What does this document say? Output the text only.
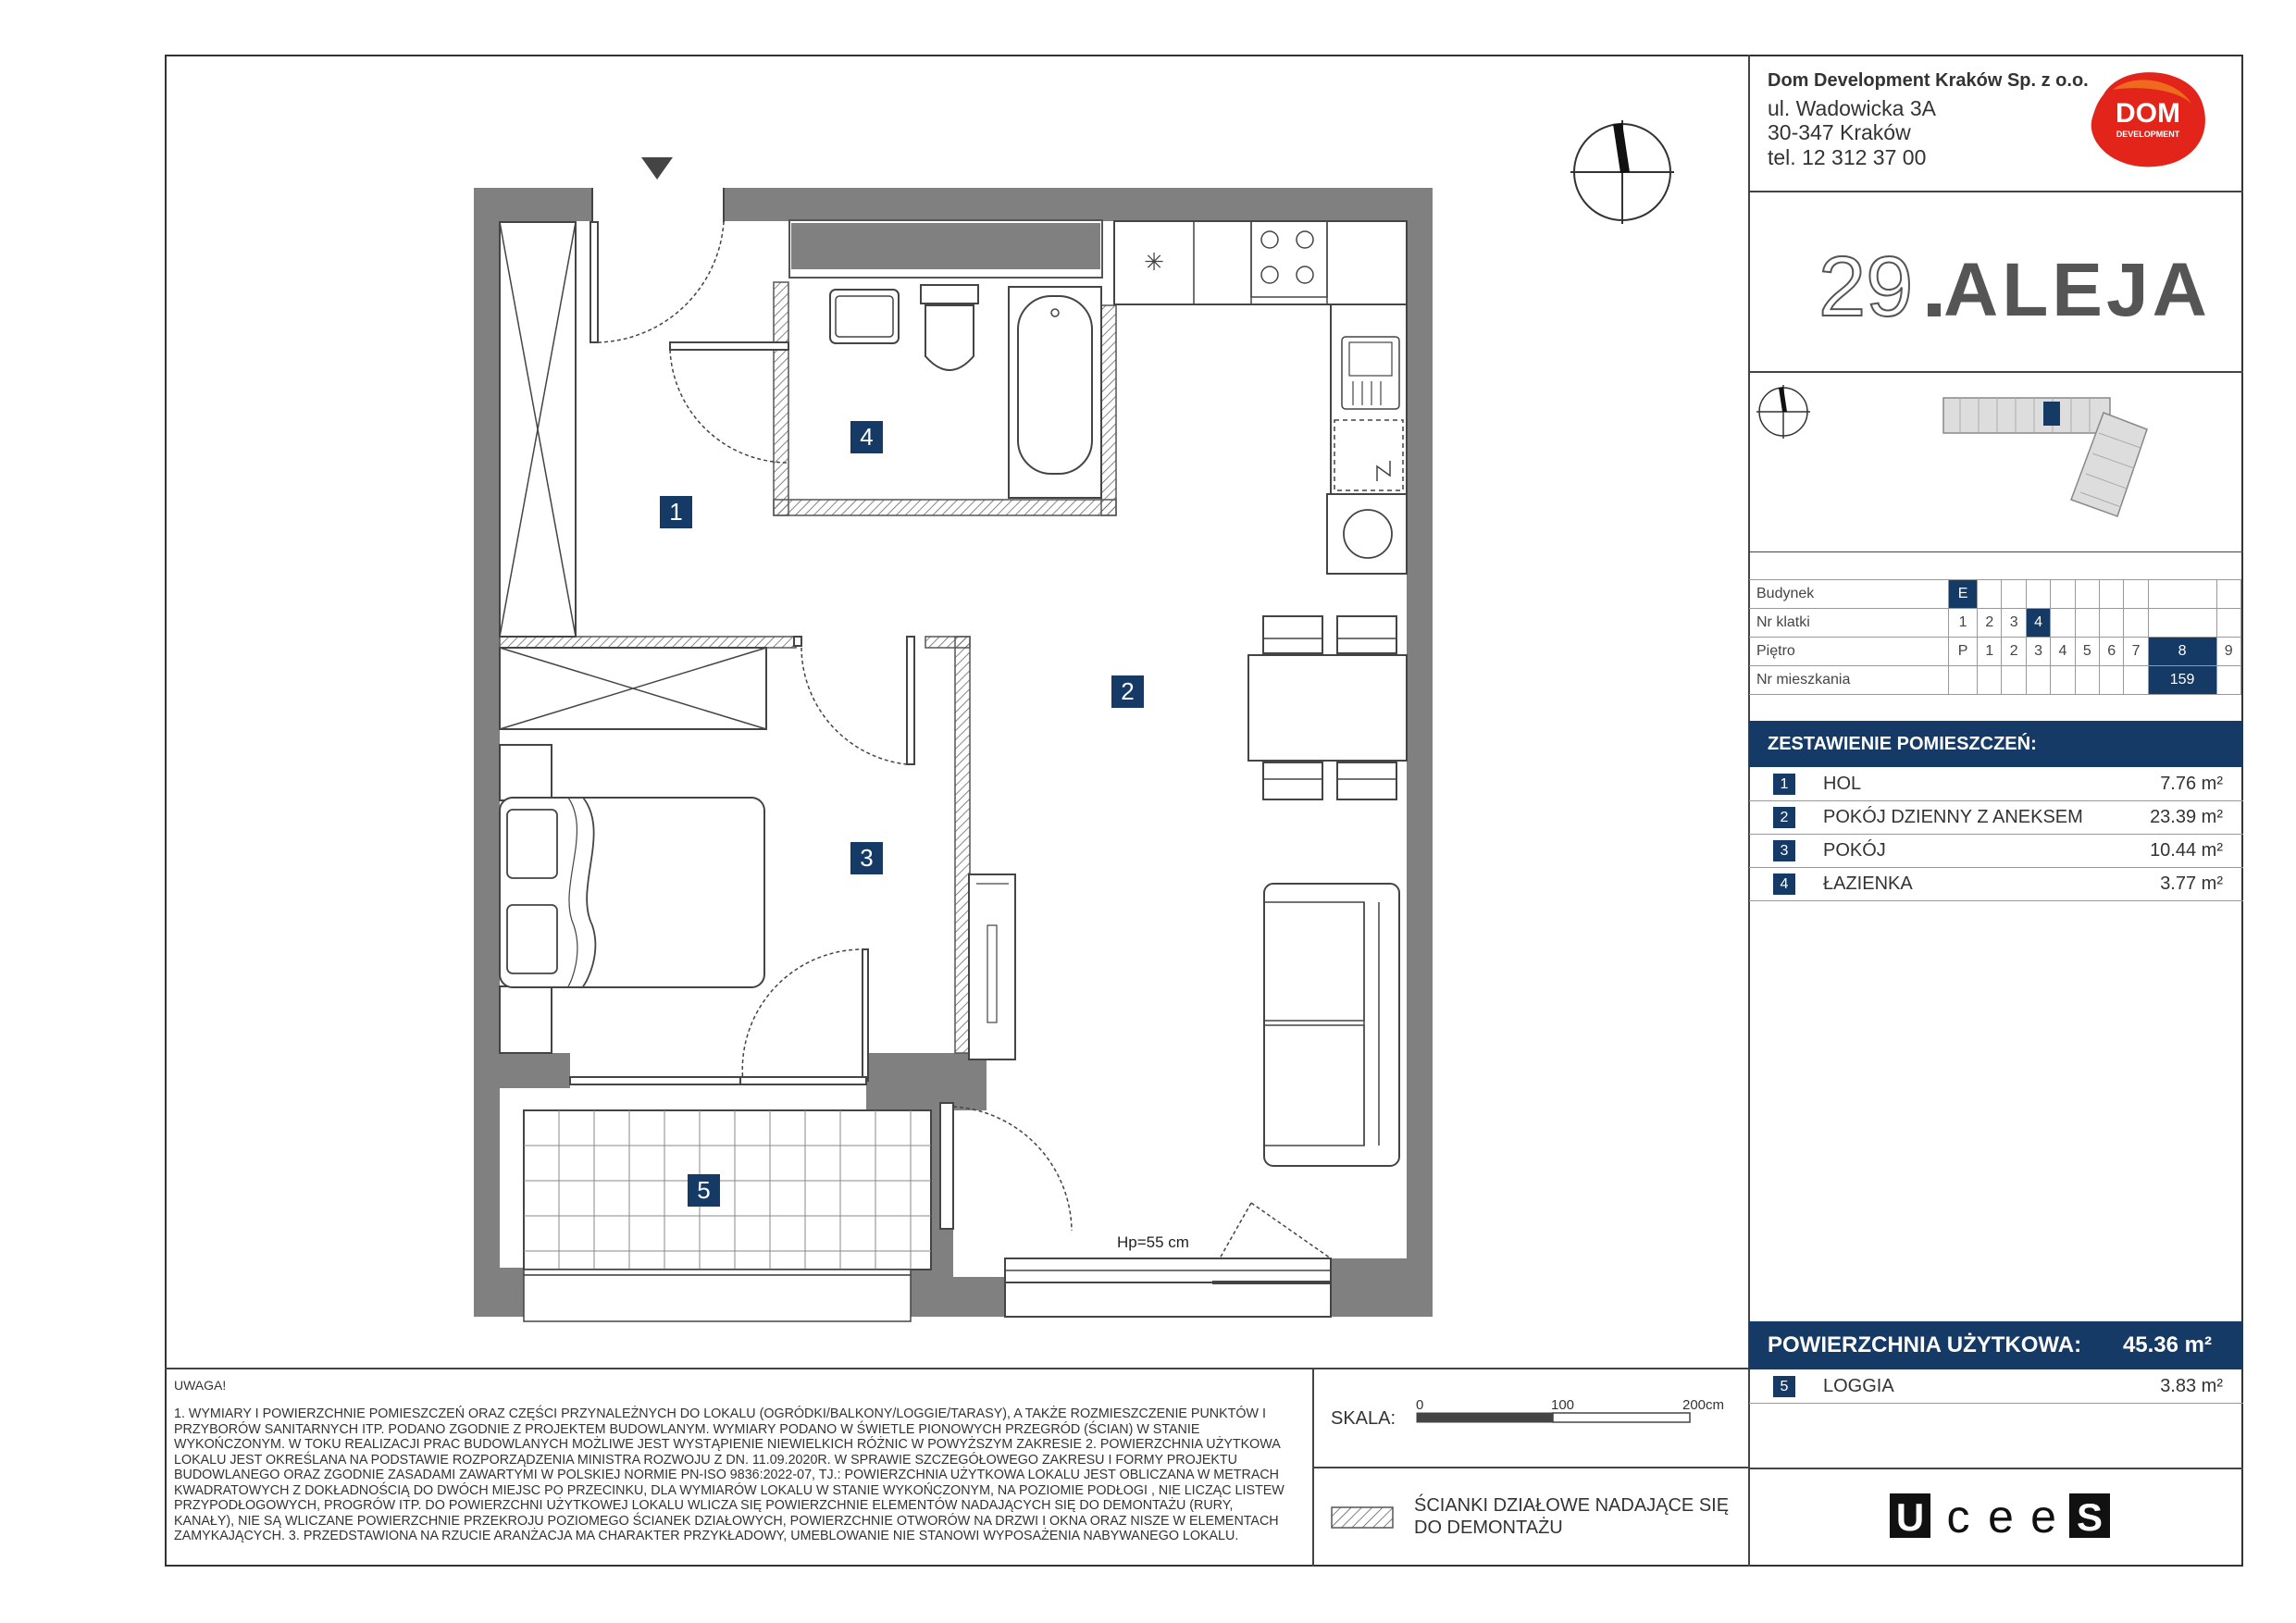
Dom Development Kraków Sp. z o.o.
ul. Wadowicka 3A
30-347 Kraków
tel. 12 312 37 00
DOM
DEVELOPMENT
29 ALEJA
Budynek	E									
Nr klatki	1	2	3	4						
Piętro	P	1	2	3	4	5	6	7	8	9
Nr mieszkania									159	
ZESTAWIENIE POMIESZCZEŃ:
1	HOL	7.76 m²
2	POKÓJ DZIENNY Z ANEKSEM	23.39 m²
3	POKÓJ	10.44 m²
4	ŁAZIENKA	3.77 m²
POWIERZCHNIA UŻYTKOWA: 45.36 m²
5	LOGGIA	3.83 m²
U c e e S
UWAGA!
1. WYMIARY I POWIERZCHNIE POMIESZCZEŃ ORAZ CZĘŚCI PRZYNALEŻNYCH DO LOKALU (OGRÓDKI/BALKONY/LOGGIE/TARASY), A TAKŻE ROZMIESZCZENIE PUNKTÓW I PRZYBORÓW SANITARNYCH ITP. PODANO ZGODNIE Z PROJEKTEM BUDOWLANYM. WYMIARY PODANO W ŚWIETLE PIONOWYCH PRZEGRÓD (ŚCIAN) W STANIE WYKOŃCZONYM. W TOKU REALIZACJI PRAC BUDOWLANYCH MOŻLIWE JEST WYSTĄPIENIE NIEWIELKICH RÓŻNIC W POWYŻSZYM ZAKRESIE 2. POWIERZCHNIA UŻYTKOWA LOKALU JEST OKREŚLANA NA PODSTAWIE ROZPORZĄDZENIA MINISTRA ROZWOJU Z DN. 11.09.2020R. W SPRAWIE SZCZEGÓŁOWEGO ZAKRESU I FORMY PROJEKTU BUDOWLANEGO ORAZ ZGODNIE ZASADAMI ZAWARTYMI W POLSKIEJ NORMIE PN-ISO 9836:2022-07, TJ.: POWIERZCHNIA UŻYTKOWA LOKALU JEST OBLICZANA W METRACH KWADRATOWYCH Z DOKŁADNOŚCIĄ DO DWÓCH MIEJSC PO PRZECINKU, DLA WYMIARÓW LOKALU W STANIE WYKOŃCZONYM, NA POZIOMIE PODŁOGI , NIE LICZĄC LISTEW PRZYPODŁOGOWYCH, PROGRÓW ITP. DO POWIERZCHNI UŻYTKOWEJ LOKALU WLICZA SIĘ POWIERZCHNIE ELEMENTÓW NADAJĄCYCH SIĘ DO DEMONTAŻU (RURY, KANAŁY), NIE SĄ WLICZANE POWIERZCHNIE PRZEKROJU POZIOMEGO ŚCIANEK DZIAŁOWYCH, POWIERZCHNIE OTWORÓW NA DRZWI I OKNA ORAZ NISZE W ELEMENTACH ZAMYKAJĄCYCH. 3. PRZEDSTAWIONA NA RZUCIE ARANŻACJA MA CHARAKTER PRZYKŁADOWY, UMEBLOWANIE NIE STANOWI WYPOSAŻENIA NABYWANEGO LOKALU.
SKALA:
0	100	200cm
ŚCIANKI DZIAŁOWE NADAJĄCE SIĘ
DO DEMONTAŻU
✳
1
2
3
4
5
Hp=55 cm
